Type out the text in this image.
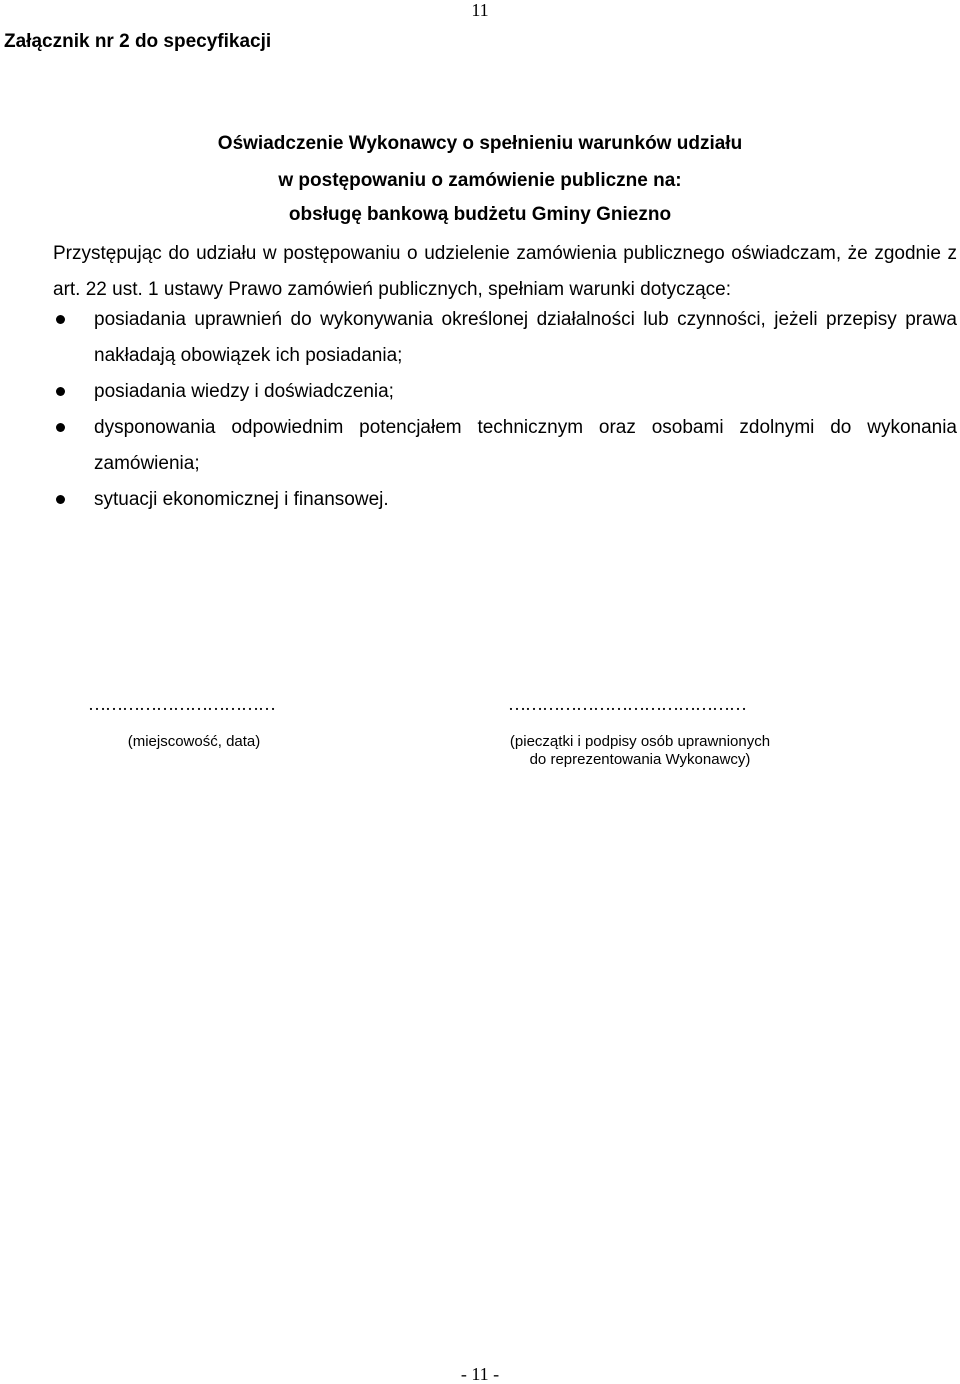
11
Załącznik nr 2 do specyfikacji
Oświadczenie Wykonawcy o spełnieniu warunków udziału
w postępowaniu o zamówienie publiczne na:
obsługę bankową budżetu Gminy Gniezno
Przystępując do udziału w postępowaniu o udzielenie zamówienia publicznego oświadczam, że zgodnie z art. 22 ust. 1 ustawy Prawo zamówień publicznych, spełniam warunki dotyczące:
posiadania uprawnień do wykonywania określonej działalności lub czynności, jeżeli przepisy prawa nakładają obowiązek ich posiadania;
posiadania wiedzy i doświadczenia;
dysponowania odpowiednim potencjałem technicznym oraz osobami zdolnymi do wykonania zamówienia;
sytuacji ekonomicznej i finansowej.
……………………………
(miejscowość, data)
……………………………………
(pieczątki i podpisy osób uprawnionych
do reprezentowania Wykonawcy)
- 11 -
